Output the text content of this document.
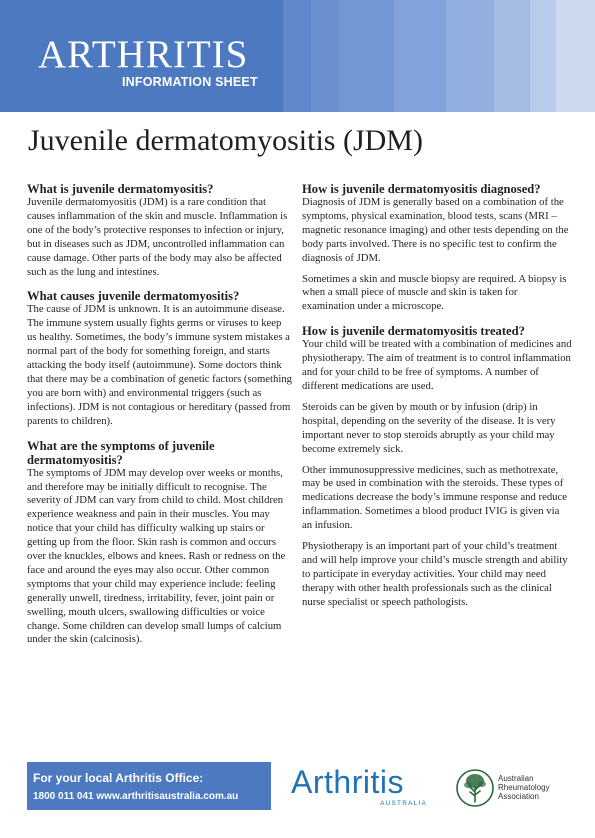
ARTHRITIS
INFORMATION SHEET
Juvenile dermatomyositis (JDM)
What is juvenile dermatomyositis?

Juvenile dermatomyositis (JDM) is a rare condition that causes inflammation of the skin and muscle. Inflammation is one of the body’s protective responses to infection or injury, but in diseases such as JDM, uncontrolled inflammation can cause damage. Other parts of the body may also be affected such as the lung and intestines.

What causes juvenile dermatomyositis?

The cause of JDM is unknown. It is an autoimmune disease. The immune system usually fights germs or viruses to keep us healthy. Sometimes, the body’s immune system mistakes a normal part of the body for something foreign, and starts attacking the body itself (autoimmune). Some doctors think that there may be a combination of genetic factors (something you are born with) and environmental triggers (such as infections). JDM is not contagious or hereditary (passed from parents to children).

What are the symptoms of juvenile dermatomyositis?

The symptoms of JDM may develop over weeks or months, and therefore may be initially difficult to recognise. The severity of JDM can vary from child to child. Most children experience weakness and pain in their muscles. You may notice that your child has difficulty walking up stairs or getting up from the floor. Skin rash is common and occurs over the knuckles, elbows and knees. Rash or redness on the face and around the eyes may also occur. Other common symptoms that your child may experience include: feeling generally unwell, tiredness, irritability, fever, joint pain or swelling, mouth ulcers, swallowing difficulties or voice change. Some children can develop small lumps of calcium under the skin (calcinosis).

How is juvenile dermatomyositis diagnosed?

Diagnosis of JDM is generally based on a combination of the symptoms, physical examination, blood tests, scans (MRI – magnetic resonance imaging) and other tests depending on the body parts involved. There is no specific test to confirm the diagnosis of JDM.

Sometimes a skin and muscle biopsy are required. A biopsy is when a small piece of muscle and skin is taken for examination under a microscope.

How is juvenile dermatomyositis treated?

Your child will be treated with a combination of medicines and physiotherapy. The aim of treatment is to control inflammation and for your child to be free of symptoms. A number of different medications are used.

Steroids can be given by mouth or by infusion (drip) in hospital, depending on the severity of the disease. It is very important never to stop steroids abruptly as your child may become extremely sick.

Other immunosuppressive medicines, such as methotrexate, may be used in combination with the steroids. These types of medications decrease the body’s immune response and reduce inflammation. Sometimes a blood product IVIG is given via an infusion.

Physiotherapy is an important part of your child’s treatment and will help improve your child’s muscle strength and ability to participate in everyday activities. Your child may need therapy with other health professionals such as the clinical nurse specialist or speech pathologists.

For your local Arthritis Office:
1800 011 041 www.arthritisaustralia.com.au Arthritis
AUSTRALIA
Australian
Rheumatology
Association
